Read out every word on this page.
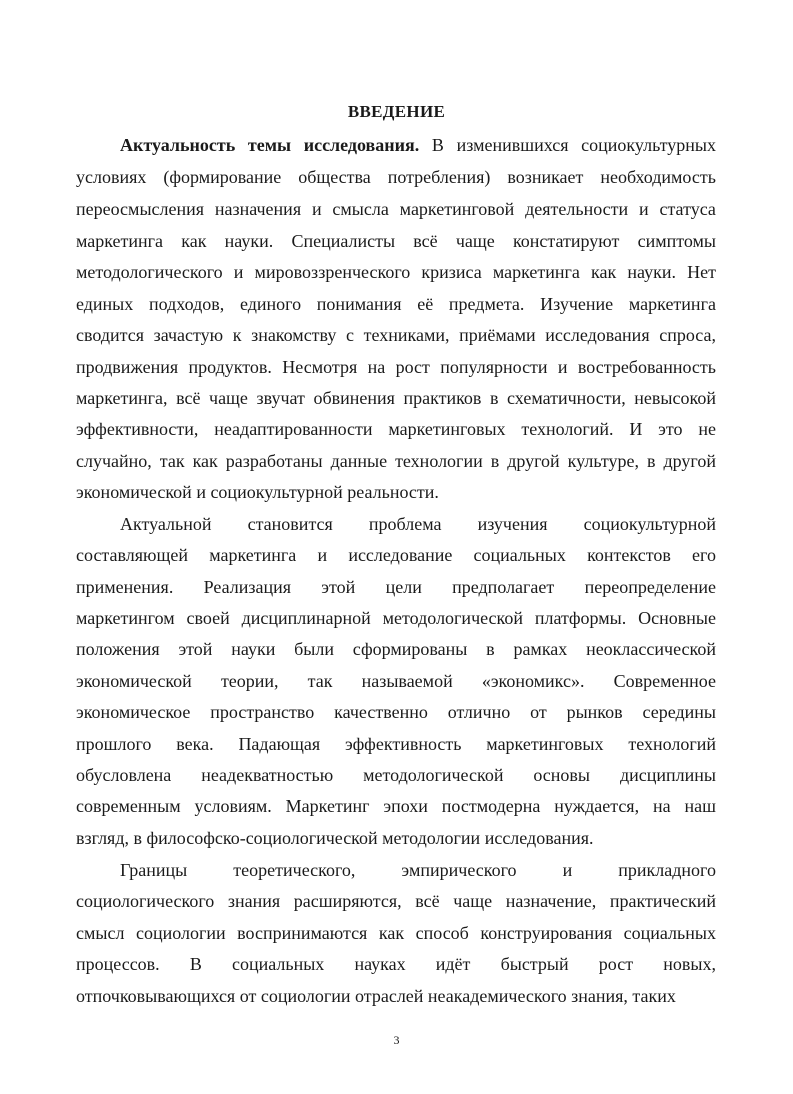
ВВЕДЕНИЕ
Актуальность темы исследования. В изменившихся социокультурных
условиях (формирование общества потребления) возникает необходимость
переосмысления назначения и смысла маркетинговой деятельности и статуса
маркетинга как науки. Специалисты всё чаще констатируют симптомы
методологического и мировоззренческого кризиса маркетинга как науки. Нет
единых подходов, единого понимания её предмета. Изучение маркетинга
сводится зачастую к знакомству с техниками, приёмами исследования спроса,
продвижения продуктов. Несмотря на рост популярности и востребованность
маркетинга, всё чаще звучат обвинения практиков в схематичности, невысокой
эффективности, неадаптированности маркетинговых технологий. И это не
случайно, так как разработаны данные технологии в другой культуре, в другой
экономической и социокультурной реальности.
Актуальной становится проблема изучения социокультурной
составляющей маркетинга и исследование социальных контекстов его
применения. Реализация этой цели предполагает переопределение
маркетингом своей дисциплинарной методологической платформы. Основные
положения этой науки были сформированы в рамках неоклассической
экономической теории, так называемой «экономикс». Современное
экономическое пространство качественно отлично от рынков середины
прошлого века. Падающая эффективность маркетинговых технологий
обусловлена неадекватностью методологической основы дисциплины
современным условиям. Маркетинг эпохи постмодерна нуждается, на наш
взгляд, в философско-социологической методологии исследования.
Границы	теоретического,	эмпирического	и	прикладного
социологического знания расширяются, всё чаще назначение, практический
смысл социологии воспринимаются как способ конструирования социальных
процессов. В социальных науках идёт быстрый рост новых,
отпочковывающихся от социологии отраслей неакадемического знания, таких
3
